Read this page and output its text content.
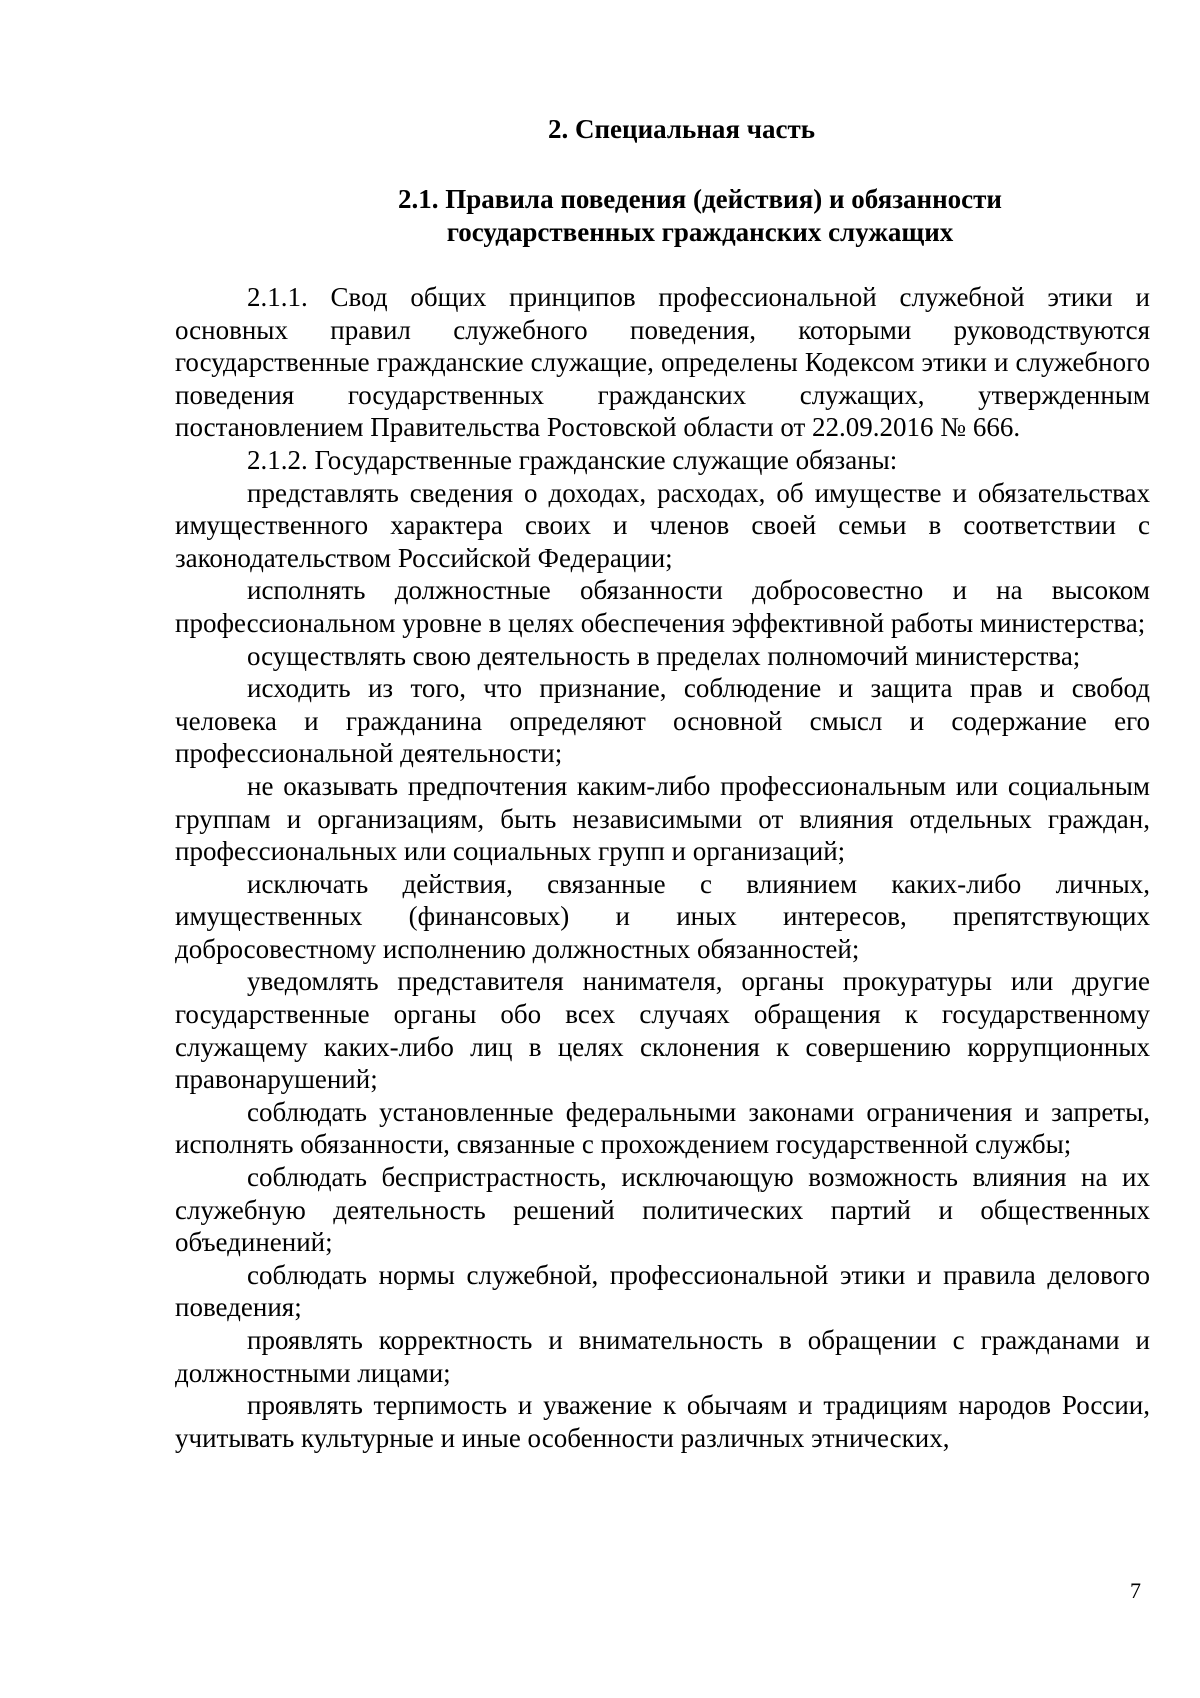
2. Специальная часть
2.1. Правила поведения (действия) и обязанности
государственных гражданских служащих

2.1.1. Свод общих принципов профессиональной служебной этики и основных правил служебного поведения, которыми руководствуются государственные гражданские служащие, определены Кодексом этики и служебного поведения государственных гражданских служащих, утвержденным постановлением Правительства Ростовской области от 22.09.2016 № 666.

2.1.2. Государственные гражданские служащие обязаны:

представлять сведения о доходах, расходах, об имуществе и обязательствах имущественного характера своих и членов своей семьи в соответствии с законодательством Российской Федерации;

исполнять должностные обязанности добросовестно и на высоком профессиональном уровне в целях обеспечения эффективной работы министерства;

осуществлять свою деятельность в пределах полномочий министерства;

исходить из того, что признание, соблюдение и защита прав и свобод человека и гражданина определяют основной смысл и содержание его профессиональной деятельности;

не оказывать предпочтения каким-либо профессиональным или социальным группам и организациям, быть независимыми от влияния отдельных граждан, профессиональных или социальных групп и организаций;

исключать действия, связанные с влиянием каких-либо личных, имущественных (финансовых) и иных интересов, препятствующих добросовестному исполнению должностных обязанностей;

уведомлять представителя нанимателя, органы прокуратуры или другие государственные органы обо всех случаях обращения к государственному служащему каких-либо лиц в целях склонения к совершению коррупционных правонарушений;

соблюдать установленные федеральными законами ограничения и запреты, исполнять обязанности, связанные с прохождением государственной службы;

соблюдать беспристрастность, исключающую возможность влияния на их служебную деятельность решений политических партий и общественных объединений;

соблюдать нормы служебной, профессиональной этики и правила делового поведения;

проявлять корректность и внимательность в обращении с гражданами и должностными лицами;

проявлять терпимость и уважение к обычаям и традициям народов России, учитывать культурные и иные особенности различных этнических,

7
